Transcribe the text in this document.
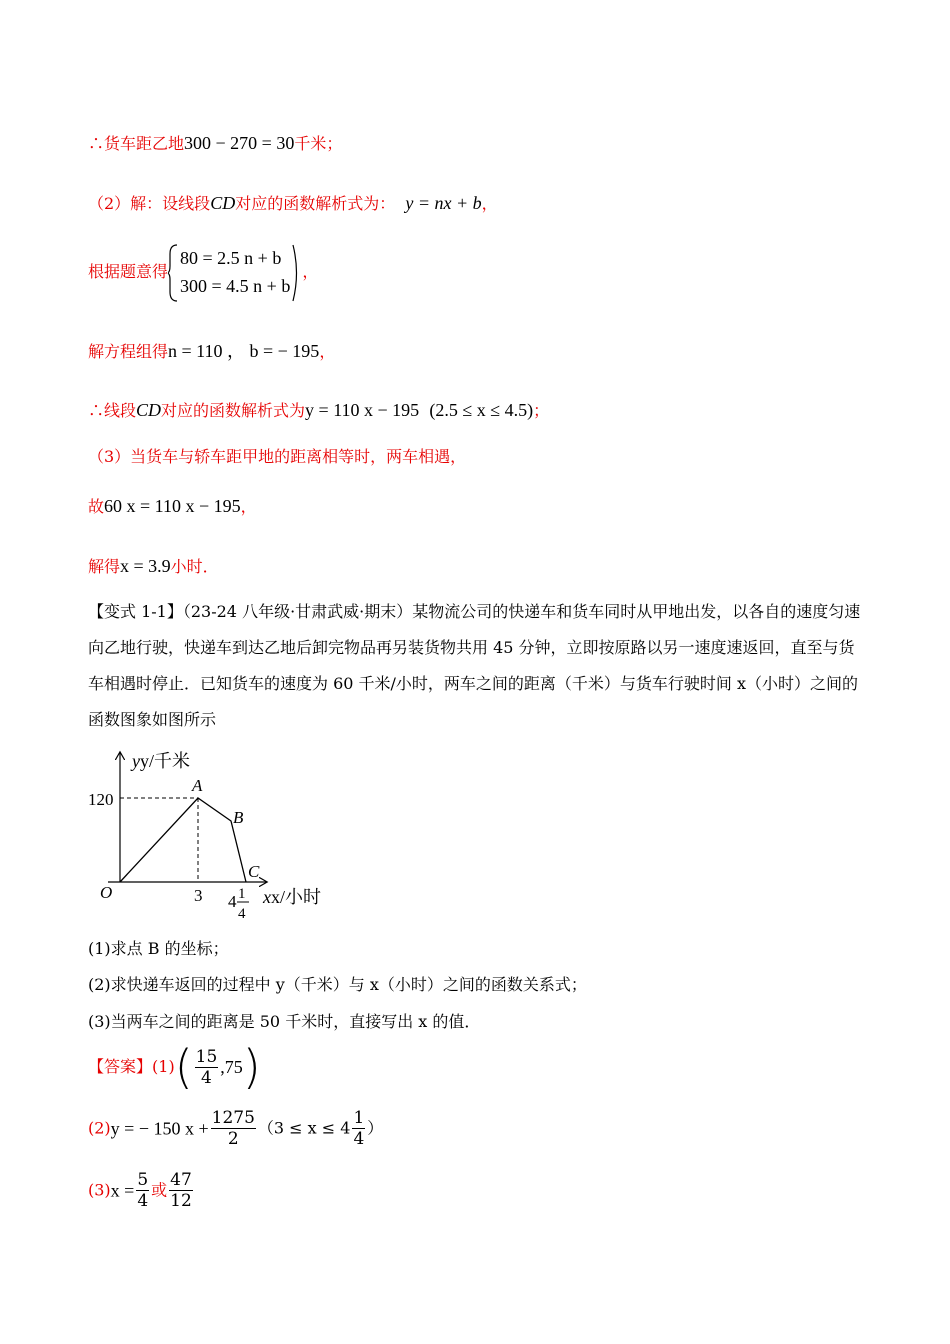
∴货车距乙地300 − 270 = 30千米；
（2）解：设线段CD对应的函数解析式为： y = nx + b，
根据题意得
80 = 2.5 n + b
300 = 4.5 n + b
，
解方程组得n = 110 ， b = − 195，
∴线段CD对应的函数解析式为y = 110 x − 195 (2.5 ≤ x ≤ 4.5)；
（3）当货车与轿车距甲地的距离相等时，两车相遇，
故60 x = 110 x − 195，
解得x = 3.9小时．
【变式 1-1】（23-24 八年级·甘肃武威·期末）某物流公司的快递车和货车同时从甲地出发，以各自的速度匀速向乙地行驶，快递车到达乙地后卸完物品再另装货物共用 45 分钟，立即按原路以另一速度速返回，直至与货车相遇时停止．已知货车的速度为 60 千米/小时，两车之间的距离（千米）与货车行驶时间 x（小时）之间的函数图象如图所示
yy/千米
120
A
B
C
O	3 4 1
4
xx/小时
(1)求点 B 的坐标；
(2)求快递车返回的过程中 y（千米）与 x（小时）之间的函数关系式；
(3)当两车之间的距离是 50 千米时，直接写出 x 的值．
【答案】$(1)( \frac{15}{4} ,75)$
(2)y = − 150 $x + \frac{1275}{2} (3 \le x \le 4 \frac{1}{4}$ ）
$(3)x = \frac{5}{4}$ 或 $\frac{47}{12}$
